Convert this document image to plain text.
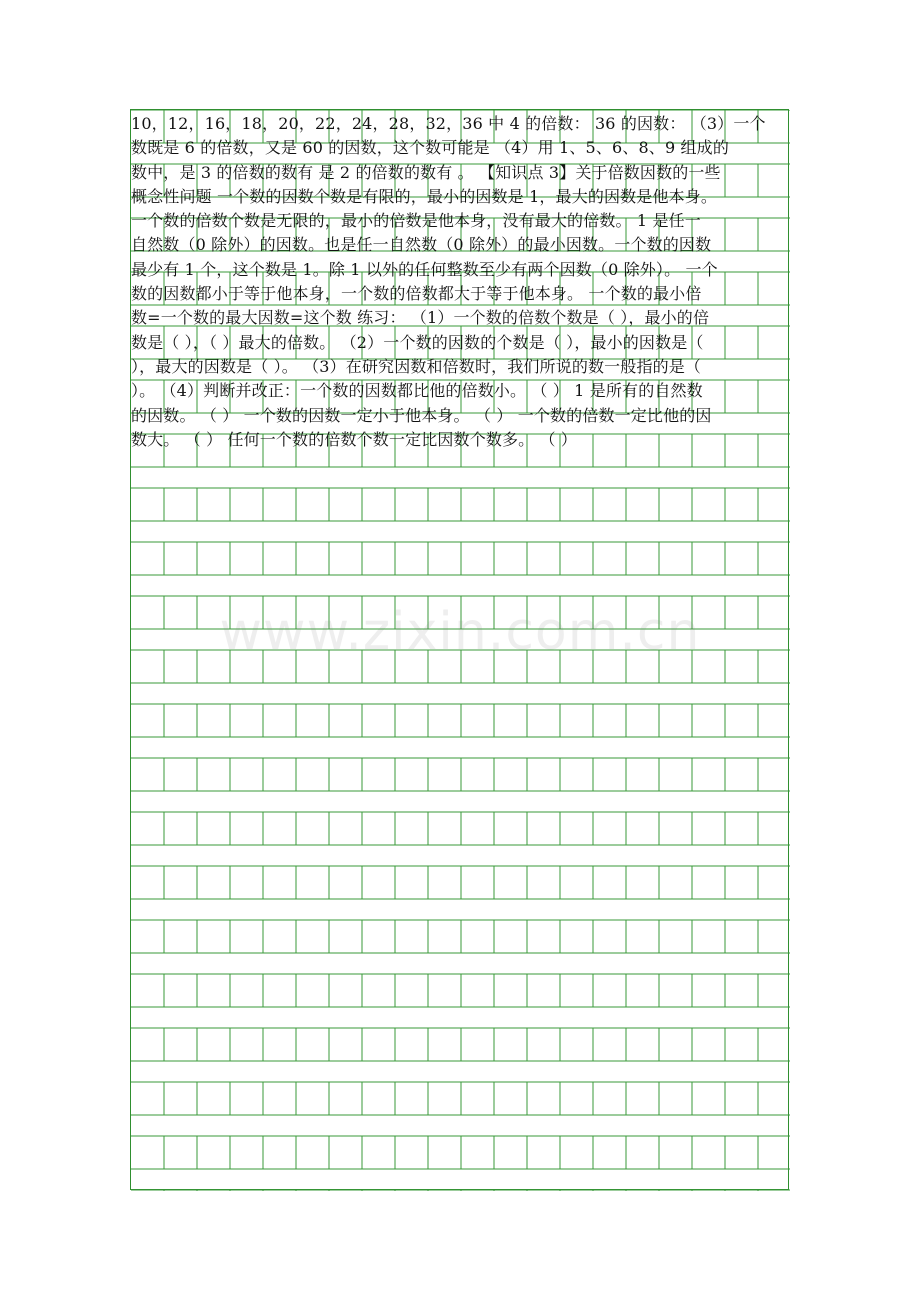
10，12，16，18，20，22，24，28，32，36 中 4 的倍数： 36 的因数： （3）一个
数既是 6 的倍数，又是 60 的因数，这个数可能是 （4）用 1、5、6、8、9 组成的
数中，是 3 的倍数的数有 是 2 的倍数的数有 。 【知识点 3】关于倍数因数的一些
概念性问题 一个数的因数个数是有限的，最小的因数是 1，最大的因数是他本身。
一个数的倍数个数是无限的，最小的倍数是他本身，没有最大的倍数。 1 是任一
自然数（0 除外）的因数。也是任一自然数（0 除外）的最小因数。一个数的因数
最少有 1 个，这个数是 1。除 1 以外的任何整数至少有两个因数（0 除外）。 一个
数的因数都小于等于他本身，一个数的倍数都大于等于他本身。 一个数的最小倍
数=一个数的最大因数=这个数 练习： （1）一个数的倍数个数是（ ），最小的倍
数是（ ），（ ）最大的倍数。 （2）一个数的因数的个数是（ ），最小的因数是（
），最大的因数是（ ）。 （3）在研究因数和倍数时，我们所说的数一般指的是（
）。 （4）判断并改正：一个数的因数都比他的倍数小。 （ ） 1 是所有的自然数
的因数。 （ ） 一个数的因数一定小于他本身。 （ ） 一个数的倍数一定比他的因
数大。 （ ） 任何一个数的倍数个数一定比因数个数多。 （ ）
www.zixin.com.cn
